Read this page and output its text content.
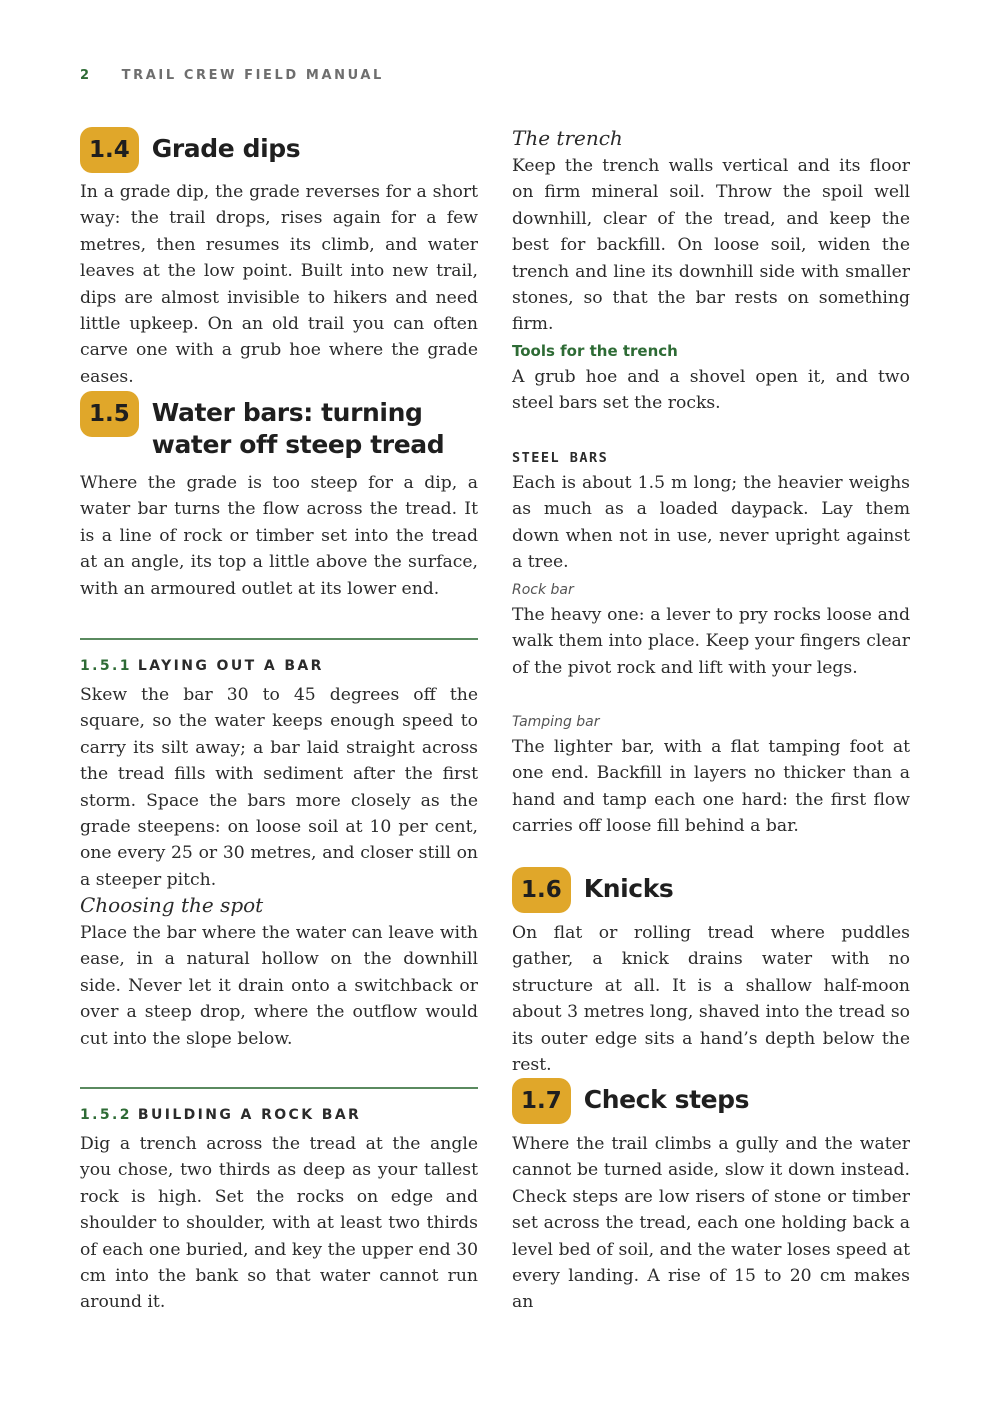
2 TRAIL CREW FIELD MANUAL
1.4 Grade dips

In a grade dip, the grade reverses for a short way: the trail drops, rises again for a few metres, then resumes its climb, and water leaves at the low point. Built into new trail, dips are almost invisible to hikers and need little upkeep. On an old trail you can often carve one with a grub hoe where the grade eases.

1.5 Water bars: turning water off steep tread

Where the grade is too steep for a dip, a water bar turns the flow across the tread. It is a line of rock or timber set into the tread at an angle, its top a little above the surface, with an armoured outlet at its lower end.

1.5.1 LAYING OUT A BAR

Skew the bar 30 to 45 degrees off the square, so the water keeps enough speed to carry its silt away; a bar laid straight across the tread fills with sediment after the first storm. Space the bars more closely as the grade steepens: on loose soil at 10 per cent, one every 25 or 30 metres, and closer still on a steeper pitch.

Choosing the spot

Place the bar where the water can leave with ease, in a natural hollow on the downhill side. Never let it drain onto a switchback or over a steep drop, where the outflow would cut into the slope below.

1.5.2 BUILDING A ROCK BAR

Dig a trench across the tread at the angle you chose, two thirds as deep as your tallest rock is high. Set the rocks on edge and shoulder to shoulder, with at least two thirds of each one buried, and key the upper end 30 cm into the bank so that water cannot run around it.

The trench

Keep the trench walls vertical and its floor on firm mineral soil. Throw the spoil well downhill, clear of the tread, and keep the best for backfill. On loose soil, widen the trench and line its downhill side with smaller stones, so that the bar rests on something firm.

Tools for the trench

A grub hoe and a shovel open it, and two steel bars set the rocks.

STEEL BARS

Each is about 1.5 m long; the heavier weighs as much as a loaded daypack. Lay them down when not in use, never upright against a tree.

Rock bar

The heavy one: a lever to pry rocks loose and walk them into place. Keep your fingers clear of the pivot rock and lift with your legs.

Tamping bar

The lighter bar, with a flat tamping foot at one end. Backfill in layers no thicker than a hand and tamp each one hard: the first flow carries off loose fill behind a bar.

1.6 Knicks

On flat or rolling tread where puddles gather, a knick drains water with no structure at all. It is a shallow half-moon about 3 metres long, shaved into the tread so its outer edge sits a hand’s depth below the rest.

1.7 Check steps

Where the trail climbs a gully and the water cannot be turned aside, slow it down instead. Check steps are low risers of stone or timber set across the tread, each one holding back a level bed of soil, and the water loses speed at every landing. A rise of 15 to 20 cm makes an
